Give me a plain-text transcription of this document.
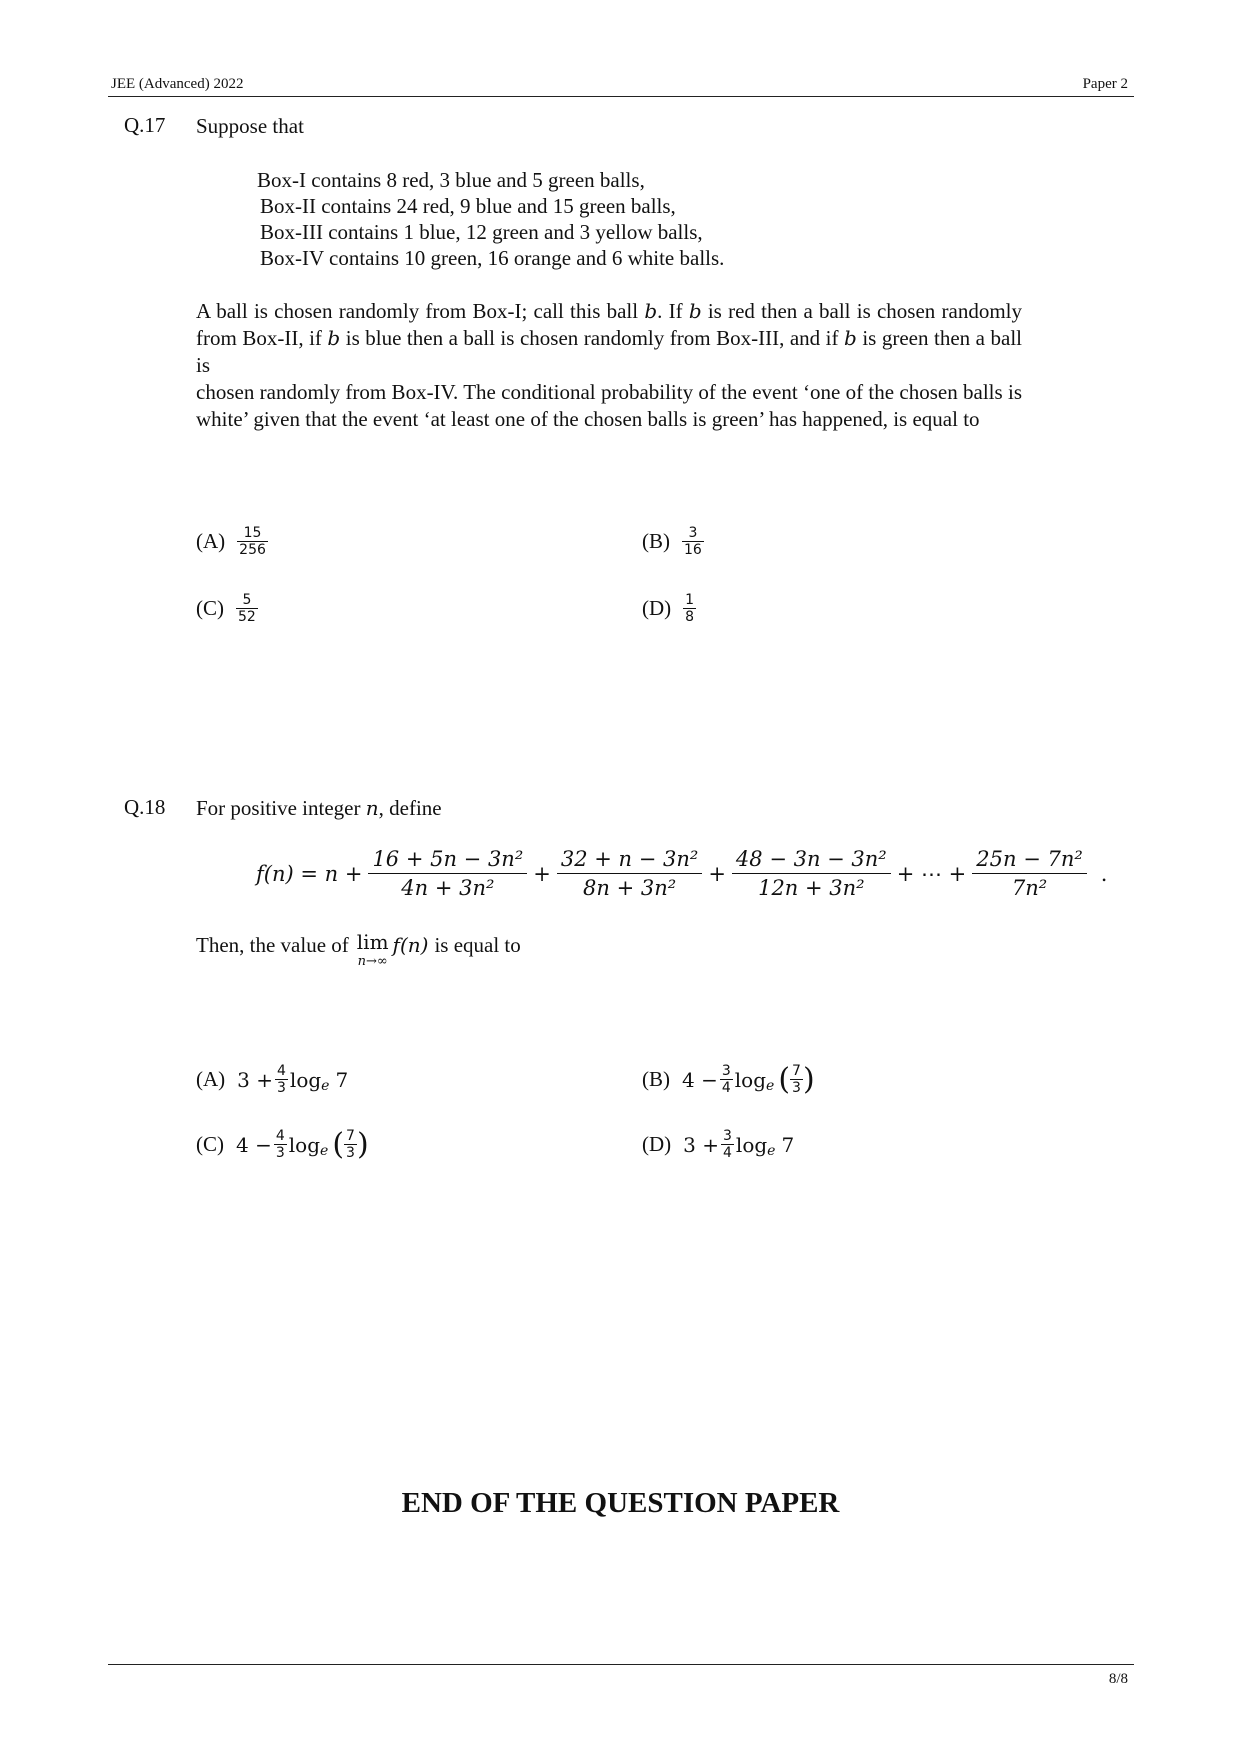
JEE (Advanced) 2022	Paper 2
Q.17 Suppose that
Box-I contains 8 red, 3 blue and 5 green balls,
Box-II contains 24 red, 9 blue and 15 green balls,
Box-III contains 1 blue, 12 green and 3 yellow balls,
Box-IV contains 10 green, 16 orange and 6 white balls.
A ball is chosen randomly from Box-I; call this ball b. If b is red then a ball is chosen randomly
from Box-II, if b is blue then a ball is chosen randomly from Box-III, and if b is green then a ball is
chosen randomly from Box-IV. The conditional probability of the event ‘one of the chosen balls is
white’ given that the event ‘at least one of the chosen balls is green’ has happened, is equal to
$(A) \frac{15}{256}$	$(B) \frac{3}{16}$
$(C) \frac{5}{52}$	$(D) \frac{1}{8}$
Q.18 For positive integer n, define
$f(n) = n + \frac{\text{16 + 5n − 3n²}}{\text{4n + 3n²}} + \frac{\text{32 + n − 3n²}}{\text{8n + 3n²}} + \frac{\text{48 − 3n − 3n²}}{\text{12n + 3n²}}$ + ⋯ + $\frac{\text{25n − 7n²}}{\text{7n²}}$ .
Then, the value of lim
n→∞
f(n) is equal to
(A) $3 + \frac{4}{3}$ log e 7	(B) $4 - \frac{3}{4}$ log e ( $\frac{7}{3}$ )
(C) $4 - \frac{4}{3}$ log e ( $\frac{7}{3}$ )	(D) $3 + \frac{3}{4}$ log e 7
END OF THE QUESTION PAPER
8/8
